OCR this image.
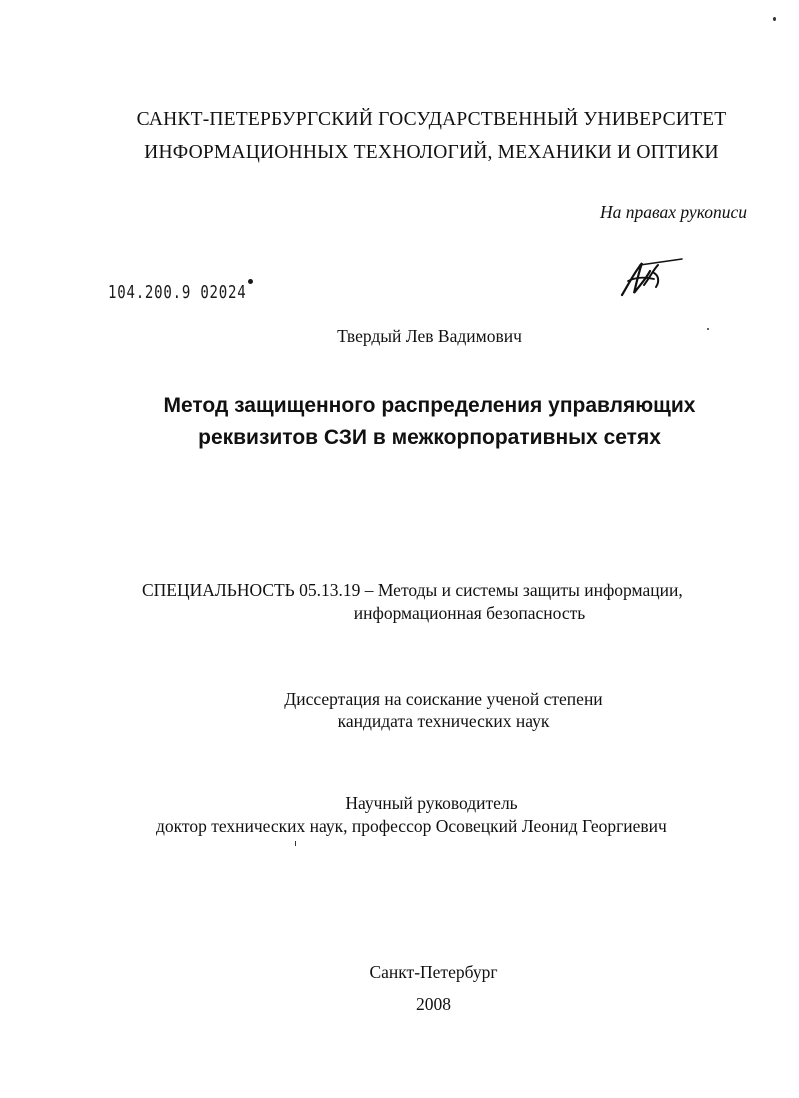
САНКТ-ПЕТЕРБУРГСКИЙ ГОСУДАРСТВЕННЫЙ УНИВЕРСИТЕТ
ИНФОРМАЦИОННЫХ ТЕХНОЛОГИЙ, МЕХАНИКИ И ОПТИКИ
На правах рукописи
104.200.9 02024
Твердый Лев Вадимович
Метод защищенного распределения управляющих
реквизитов СЗИ в межкорпоративных сетях
СПЕЦИАЛЬНОСТЬ 05.13.19 – Методы и системы защиты информации,
информационная безопасность
Диссертация на соискание ученой степени
кандидата технических наук
Научный руководитель
доктор технических наук, профессор Осовецкий Леонид Георгиевич
Санкт-Петербург
2008
